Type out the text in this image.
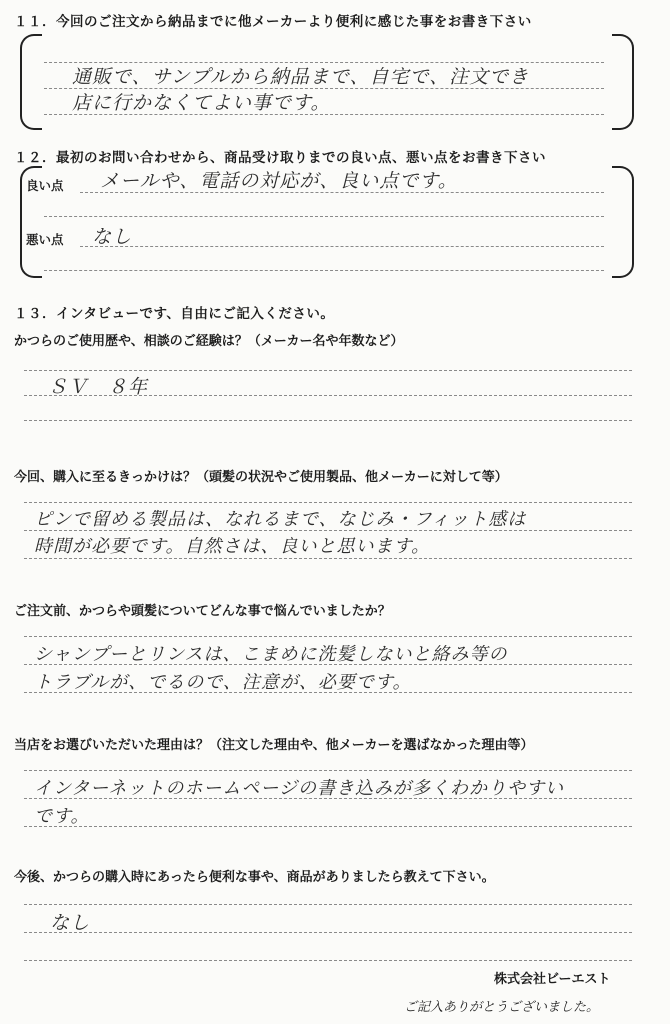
１１．今回のご注文から納品までに他メーカーより便利に感じた事をお書き下さい
通販で、サンプルから納品まで、自宅で、注文でき
店に行かなくてよい事です。
１２．最初のお問い合わせから、商品受け取りまでの良い点、悪い点をお書き下さい
良い点 メールや、電話の対応が、良い点です。
悪い点 なし
１３．インタビューです、自由にご記入ください。
かつらのご使用歴や、相談のご経験は？（メーカー名や年数など）
ＳＶ　８年
今回、購入に至るきっかけは？（頭髪の状況やご使用製品、他メーカーに対して等）
ピンで留める製品は、なれるまで、なじみ・フィット感は
時間が必要です。自然さは、良いと思います。
ご注文前、かつらや頭髪についてどんな事で悩んでいましたか？
シャンプーとリンスは、こまめに洗髪しないと絡み等の
トラブルが、でるので、注意が、必要です。
当店をお選びいただいた理由は？（注文した理由や、他メーカーを選ばなかった理由等）
インターネットのホームページの書き込みが多くわかりやすい
です。
今後、かつらの購入時にあったら便利な事や、商品がありましたら教えて下さい。
なし
株式会社ビーエスト
ご記入ありがとうございました。
